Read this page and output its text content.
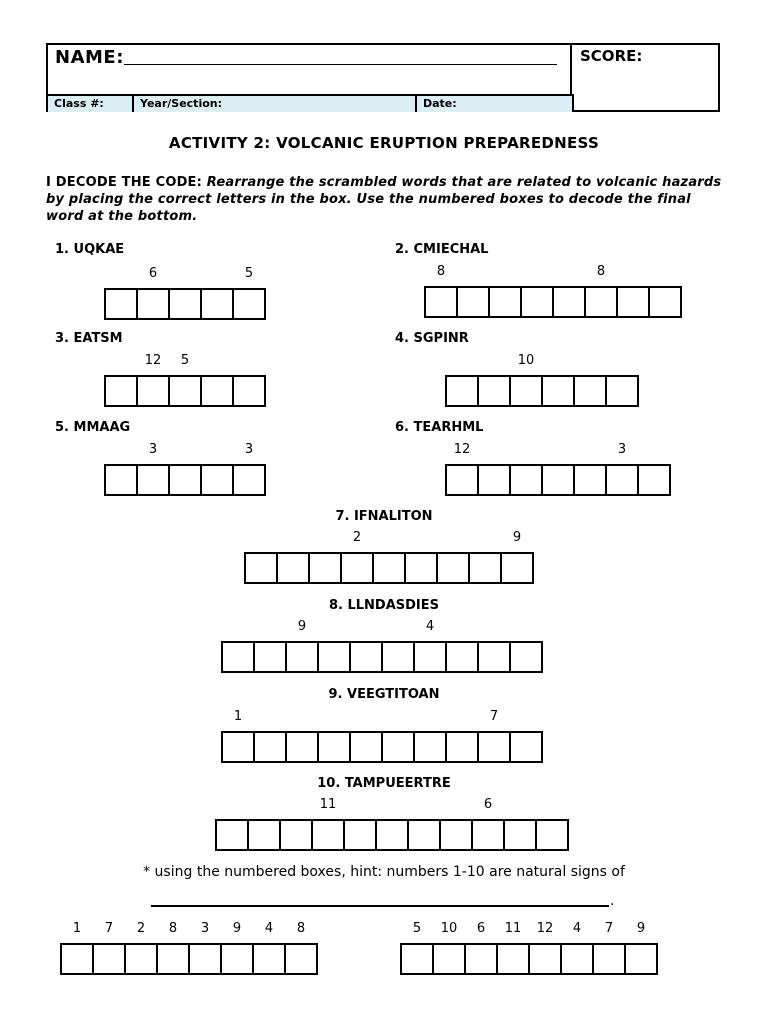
NAME:	SCORE:
Class #:	Year/Section:	Date:
ACTIVITY 2: VOLCANIC ERUPTION PREPAREDNESS
I DECODE THE CODE: Rearrange the scrambled words that are related to volcanic hazards by placing the correct letters in the box. Use the numbered boxes to decode the final word at the bottom.
1. UQKAE
6	5
2. CMIECHAL
8	8
3. EATSM
12	5
4. SGPINR
10
5. MMAAG
3	3
6. TEARHML
12	3
7. IFNALITON
2	9
8. LLNDASDIES
9	4
9. VEEGTITOAN
1	7
10. TAMPUEERTRE
11	6
* using the numbered boxes, hint: numbers 1-10 are natural signs of
.
1	7	2	8	3	9	4	8	5	10	6	11	12	4	7	9
